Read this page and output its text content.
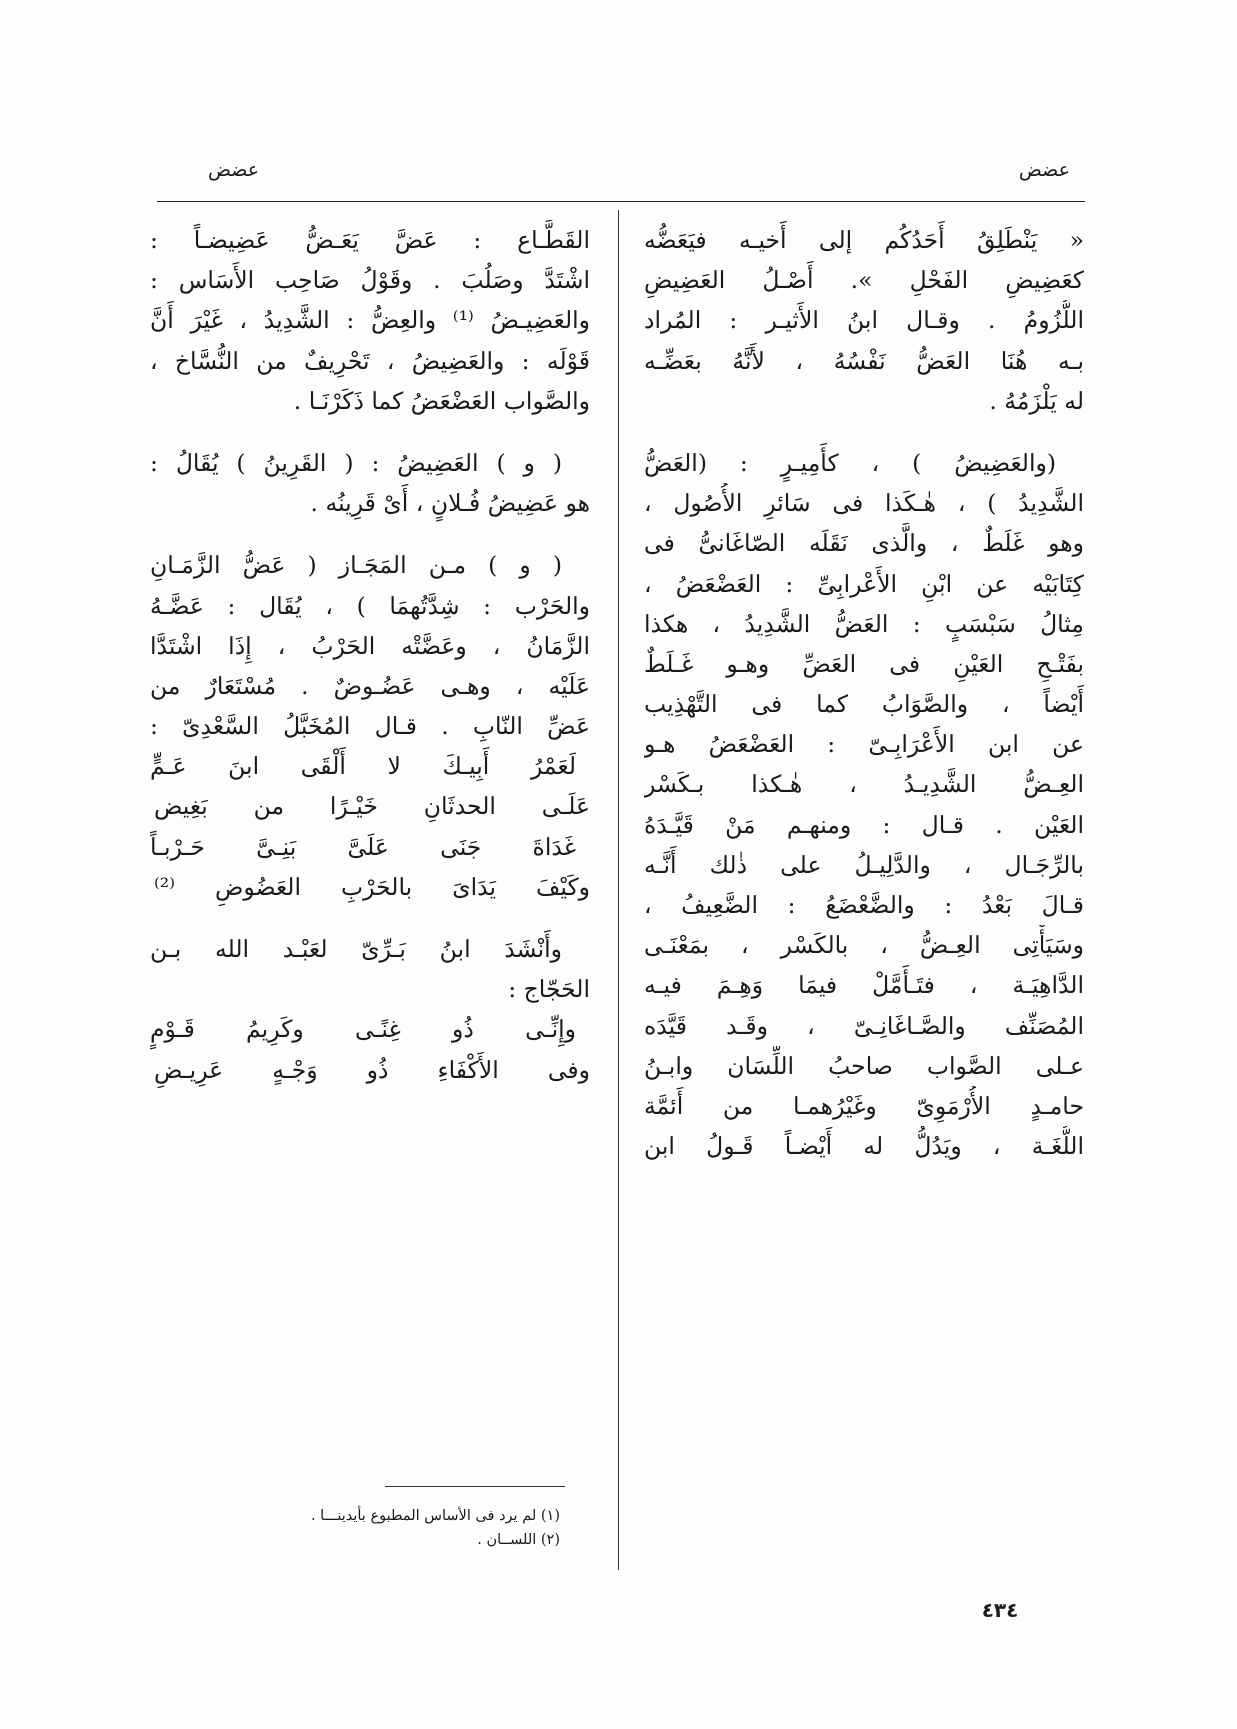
عضض
عضض
« يَنْطَلِقُ أَحَدُكُم إلى أَخيـه فيَعَضُّه
كعَضِيضِ الفَحْلِ ». أَصْـلُ العَضِيضِ
اللُّزُومُ . وقـال ابنُ الأَثيـر : المُراد
بـه هُنَا العَضُّ نَفْسُهُ ، لأَنَّهُ بعَضِّـه
له يَلْزَمُهُ .
(والعَضِيضُ ) ، كأَمِيـرٍ : (العَضُّ
الشَّدِيدُ ) ، هٰـكَذا فى سَائرِ الأُصُول ،
وهو غَلَطٌ ، والَّذى نَقَلَه الصّاغَانىُّ فى
كِتَابَيْه عن ابْنِ الأَعْرابِىِّ : العَضْعَضُ ،
مِثالُ سَبْسَبٍ : العَضُّ الشَّدِيدُ ، هكذا
بفَتْـحِ العَيْنِ فى العَضِّ وهـو غَـلَطٌ
أَيْضاً ، والصَّوَابُ كما فى التَّهْذِيب
عن ابن الأَعْرَابِـىّ : العَضْعَضُ هـو
العِـضُّ الشَّدِيـدُ ، هٰـكذا بـكَسْر
العَيْن . قـال : ومنهـم مَنْ قَيَّـدَهُ
بالرِّجَـال ، والدَّلِيـلُ على ذٰلك أَنَّـه
قـالَ بَعْدُ : والضَّعْضَعُ : الضَّعِيفُ ،
وسَيَأْتِى العِـضُّ ، بالكَسْر ، بمَعْنَـى
الدَّاهِيَـة ، فتَـأَمَّلْ فيمَا وَهِـمَ فيـه
المُصَنِّف والصَّـاغَانِـىّ ، وقَـد قَيَّدَه
عـلى الصَّواب صاحبُ اللِّسَان وابـنُ
حامـدٍ الأُرْمَوِىّ وغَيْرُهمـا من أَئمَّة
اللُّغَـة ، ويَدُلُّ له أَيْضـاً قَـولُ ابن
القَطَّـاع : عَضَّ يَعَـضُّ عَضِيضـاً :
اشْتَدَّ وصَلُبَ . وقَوْلُ صَاحِب الأَسَاس :
والعَضِيـضُ ⁽¹⁾ والعِضُّ : الشَّدِيدُ ، غَيْرَ أَنَّ
قَوْلَه : والعَضِيضُ ، تَحْرِيفٌ من النُّسَّاخ ،
والصَّواب العَضْعَضُ كما ذَكَرْنَـا .
( و ) العَضِيضُ : ( القَرِينُ ) يُقَالُ :
هو عَضِيضُ فُـلانٍ ، أَىْ قَرِينُه .
( و ) مـن المَجَـاز ( عَضُّ الزَّمَـانِ
والحَرْب : شِدَّتُهمَا ) ، يُقَال : عَضَّـهُ
الزَّمَانُ ، وعَضَّتْه الحَرْبُ ، إِذَا اشْتَدَّا
عَلَيْه ، وهـى عَضُـوضٌ . مُسْتَعَارٌ من
عَضِّ النّابِ . قـال المُخَبَّلُ السَّعْدِىّ :
لَعَمْرُ أَبِيـكَ لا أَلْقَى ابنَ عَـمٍّ
عَلَـى الحدثَانِ خَيْـرًا من بَغِيض
غَدَاةَ جَنَى عَلَىَّ بَنِـىَّ حَـرْبـاً
وكَيْفَ يَدَاىَ بالحَرْبِ العَضُوضِ ⁽²⁾
وأَنْشَدَ ابنُ بَـرِّىّ لعَبْـد الله بـن
الحَجّاج :
وإِنِّـى ذُو غِنًـى وكَرِيمُ قَـوْمٍ
وفى الأَكْفَاءِ ذُو وَجْـهٍ عَرِيـضِ
(١) لم يرد فى الأساس المطبوع بأيدينـــا .
(٢) اللســان .
٤٣٤
